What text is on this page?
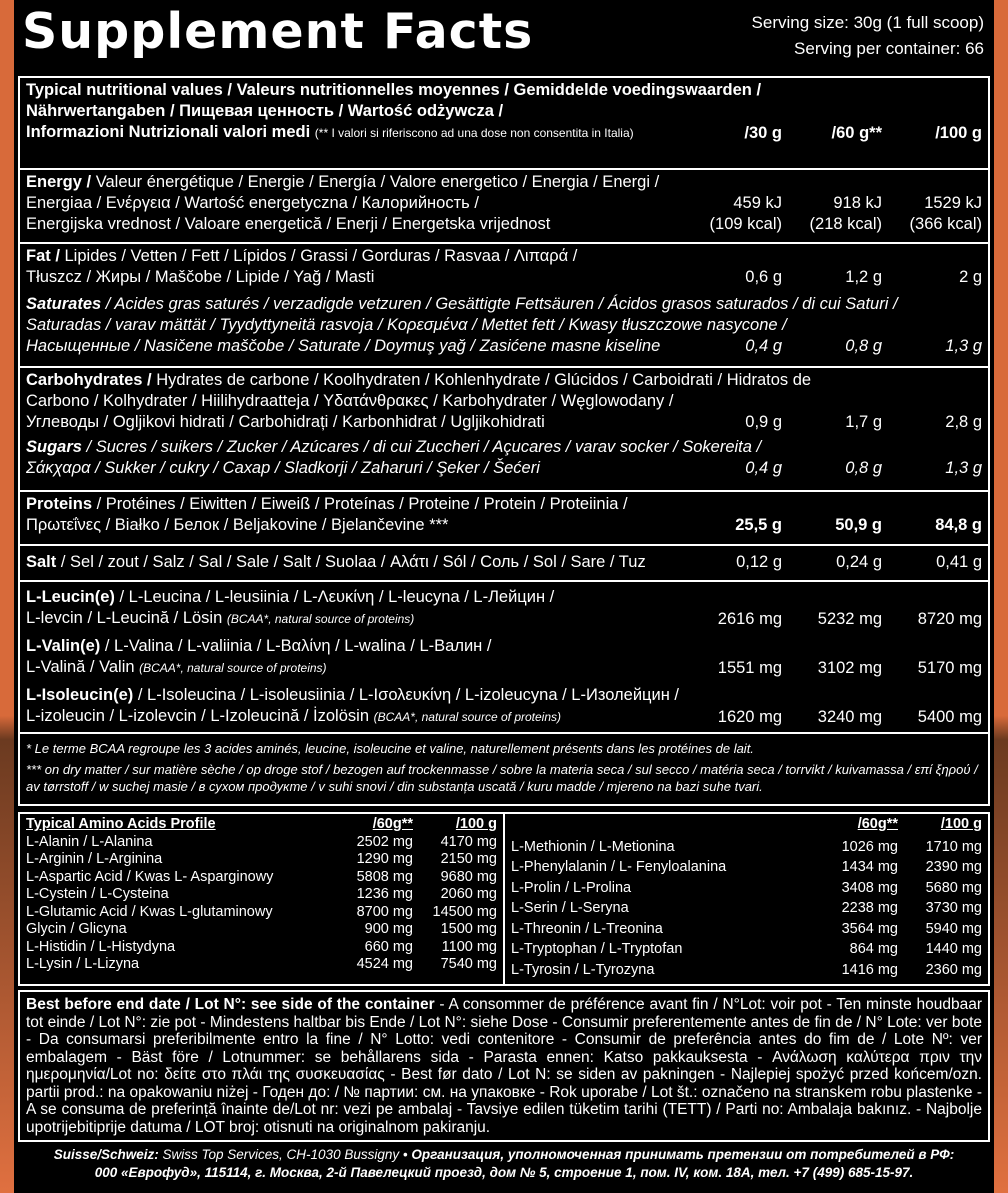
Supplement Facts	Serving size: 30g (1 full scoop)
Serving per container: 66
Typical nutritional values / Valeurs nutritionnelles moyennes / Gemiddelde voedingswaarden /
Nährwertangaben / Пищевая ценность / Wartość odżywcza /
Informazioni Nutrizionali valori medi (** I valori si riferiscono ad una dose non consentita in Italia)	/30 g	/60 g**	/100 g
Energy / Valeur énergétique / Energie / Energía / Valore energetico / Energia / Energi /
Energiaa / Ενέργεια / Wartość energetyczna / Калорийность /	459 kJ	918 kJ	1529 kJ
Energijska vrednost / Valoare energetică / Enerji / Energetska vrijednost	(109 kcal)	(218 kcal)	(366 kcal)
Fat / Lipides / Vetten / Fett / Lípidos / Grassi / Gorduras / Rasvaa / Λιπαρά /
Tłuszcz / Жиры / Maščobe / Lipide / Yağ / Masti	0,6 g	1,2 g	2 g
Saturates / Acides gras saturés / verzadigde vetzuren / Gesättigte Fettsäuren / Ácidos grasos saturados / di cui Saturi /
Saturadas / varav mättät / Tyydyttyneitä rasvoja / Κορεσμένα / Mettet fett / Kwasy tłuszczowe nasycone /
Насыщенные / Nasičene maščobe / Saturate / Doymuş yağ / Zasićene masne kiseline	0,4 g	0,8 g	1,3 g
Carbohydrates / Hydrates de carbone / Koolhydraten / Kohlenhydrate / Glúcidos / Carboidrati / Hidratos de
Carbono / Kolhydrater / Hiilihydraatteja / Υδατάνθρακες / Karbohydrater / Węglowodany /
Углеводы / Ogljikovi hidrati / Carbohidrați / Karbonhidrat / Ugljikohidrati	0,9 g	1,7 g	2,8 g
Sugars / Sucres / suikers / Zucker / Azúcares / di cui Zuccheri / Açucares / varav socker / Sokereita /
Σάκχαρα / Sukker / cukry / Сахар / Sladkorji / Zaharuri / Şeker / Šećeri	0,4 g	0,8 g	1,3 g
Proteins / Protéines / Eiwitten / Eiweiß / Proteínas / Proteine / Protein / Proteiinia /
Πρωτεΐνες / Białko / Белок / Beljakovine / Bjelančevine ***	25,5 g	50,9 g	84,8 g
Salt / Sel / zout / Salz / Sal / Sale / Salt / Suolaa / Αλάτι / Sól / Соль / Sol / Sare / Tuz	0,12 g	0,24 g	0,41 g
L-Leucin(e) / L-Leucina / L-leusiinia / L-Λευκίνη / L-leucyna / L-Лейцин /
L-levcin / L-Leucină / Lösin (BCAA*, natural source of proteins)	2616 mg	5232 mg	8720 mg
L-Valin(e) / L-Valina / L-valiinia / L-Βαλίνη / L-walina / L-Валин /
L-Valină / Valin (BCAA*, natural source of proteins)	1551 mg	3102 mg	5170 mg
L-Isoleucin(e) / L-Isoleucina / L-isoleusiinia / L-Ισολευκίνη / L-izoleucyna / L-Изолейцин /
L-izoleucin / L-izolevcin / L-Izoleucină / İzolösin (BCAA*, natural source of proteins)	1620 mg	3240 mg	5400 mg
* Le terme BCAA regroupe les 3 acides aminés, leucine, isoleucine et valine, naturellement présents dans les protéines de lait.
*** on dry matter / sur matière sèche / op droge stof / bezogen auf trockenmasse / sobre la materia seca / sul secco / matéria seca / torrvikt / kuivamassa / επί ξηρού / av tørrstoff / w suchej masie / в сухом продукте / v suhi snovi / din substanța uscată / kuru madde / mjereno na bazi suhe tvari.
Typical Amino Acids Profile	/60g**	/100 g
L-Alanin / L-Alanina	2502 mg	4170 mg
L-Arginin / L-Arginina	1290 mg	2150 mg
L-Aspartic Acid / Kwas L- Asparginowy	5808 mg	9680 mg
L-Cystein / L-Cysteina	1236 mg	2060 mg
L-Glutamic Acid / Kwas L-glutaminowy	8700 mg	14500 mg
Glycin / Glicyna	900 mg	1500 mg
L-Histidin / L-Histydyna	660 mg	1100 mg
L-Lysin / L-Lizyna	4524 mg	7540 mg
/60g**	/100 g
L-Methionin / L-Metionina	1026 mg	1710 mg
L-Phenylalanin / L- Fenyloalanina	1434 mg	2390 mg
L-Prolin / L-Prolina	3408 mg	5680 mg
L-Serin / L-Seryna	2238 mg	3730 mg
L-Threonin / L-Treonina	3564 mg	5940 mg
L-Tryptophan / L-Tryptofan	864 mg	1440 mg
L-Tyrosin / L-Tyrozyna	1416 mg	2360 mg
Best before end date / Lot N°: see side of the container - A consommer de préférence avant fin / N°Lot: voir pot - Ten minste houdbaar tot einde / Lot N°: zie pot - Mindestens haltbar bis Ende / Lot N°: siehe Dose - Consumir preferentemente antes de fin de / N° Lote: ver bote - Da consumarsi preferibilmente entro la fine / N° Lotto: vedi contenitore - Consumir de preferência antes do fim de / Lote Nº: ver embalagem - Bäst före / Lotnummer: se behållarens sida - Parasta ennen: Katso pakkauksesta - Ανάλωση καλύτερα πριν την ημερομηνία/Lot no: δείτε στο πλάι της συσκευασίας - Best før dato / Lot N: se siden av pakningen - Najlepiej spożyć przed końcem/ozn. partii prod.: na opakowaniu niżej - Годен до: / № партии: см. на упаковке - Rok uporabe / Lot št.: označeno na stranskem robu plastenke - A se consuma de preferință înainte de/Lot nr: vezi pe ambalaj - Tavsiye edilen tüketim tarihi (TETT) / Parti no: Ambalaja bakınız. - Najbolje upotrijebitiprije datuma / LOT broj: otisnuti na originalnom pakiranju.
Suisse/Schweiz: Swiss Top Services, CH-1030 Bussigny • Организация, уполномоченная принимать претензии от потребителей в РФ:
000 «Еврофуд», 115114, г. Москва, 2-й Павелецкий проезд, дом № 5, строение 1, пом. IV, ком. 18А, тел. +7 (499) 685-15-97.
